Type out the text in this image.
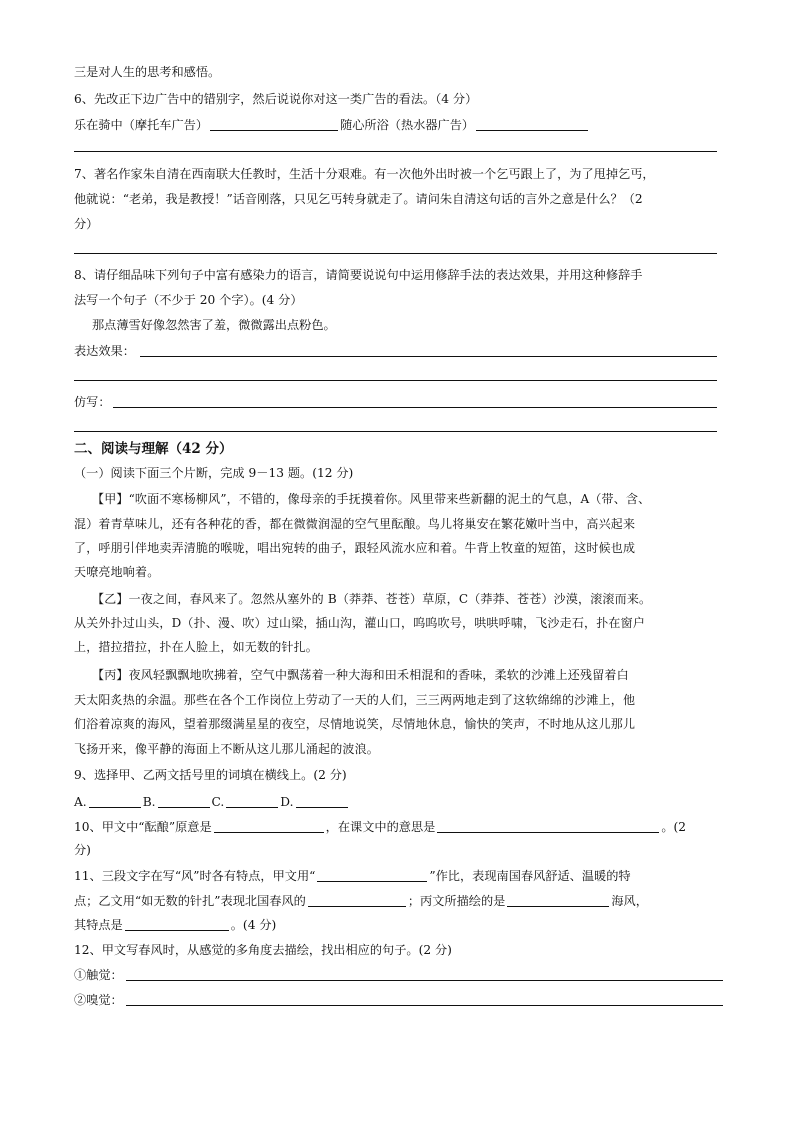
三是对人生的思考和感悟。
6、先改正下边广告中的错别字，然后说说你对这一类广告的看法。（4 分）
乐在骑中（摩托车广告）	随心所浴（热水器广告）
7、著名作家朱自清在西南联大任教时，生活十分艰难。有一次他外出时被一个乞丐跟上了，为了甩掉乞丐，
他就说：“老弟，我是教授！”话音刚落，只见乞丐转身就走了。请问朱自清这句话的言外之意是什么？（2
分）
8、请仔细品味下列句子中富有感染力的语言，请简要说说句中运用修辞手法的表达效果，并用这种修辞手
法写一个句子（不少于 20 个字）。(4 分）
那点薄雪好像忽然害了羞，微微露出点粉色。
表达效果：
仿写：
二、阅读与理解（42 分）
（一）阅读下面三个片断，完成 9－13 题。(12 分)
【甲】“吹面不寒杨柳风”，不错的，像母亲的手抚摸着你。风里带来些新翻的泥土的气息，A（带、含、
混）着青草味儿，还有各种花的香，都在微微润湿的空气里酝酿。鸟儿将巢安在繁花嫩叶当中，高兴起来
了，呼朋引伴地卖弄清脆的喉咙，唱出宛转的曲子，跟轻风流水应和着。牛背上牧童的短笛，这时候也成
天嘹亮地响着。
【乙】一夜之间，春风来了。忽然从塞外的 B（莽莽、苍苍）草原，C（莽莽、苍苍）沙漠，滚滚而来。
从关外扑过山头，D（扑、漫、吹）过山梁，插山沟，灌山口，呜呜吹号，哄哄呼啸，飞沙走石，扑在窗户
上，措拉措拉，扑在人脸上，如无数的针扎。
【丙】夜风轻飘飘地吹拂着，空气中飘荡着一种大海和田禾相混和的香味，柔软的沙滩上还残留着白
天太阳炙热的余温。那些在各个工作岗位上劳动了一天的人们，三三两两地走到了这软绵绵的沙滩上，他
们浴着凉爽的海风，望着那缀满星星的夜空，尽情地说笑，尽情地休息，愉快的笑声，不时地从这儿那儿
飞扬开来，像平静的海面上不断从这儿那儿涌起的波浪。
9、选择甲、乙两文括号里的词填在横线上。(2 分)
A.	B.	C.	D.
10、甲文中“酝酿”原意是	，在课文中的意思是	。(2
分)
11、三段文字在写“风”时各有特点，甲文用“	”作比，表现南国春风舒适、温暖的特
点；乙文用“如无数的针扎”表现北国春风的	；丙文所描绘的是	海风，
其特点是	。(4 分)
12、甲文写春风时，从感觉的多角度去描绘，找出相应的句子。(2 分)
①触觉：
②嗅觉：
